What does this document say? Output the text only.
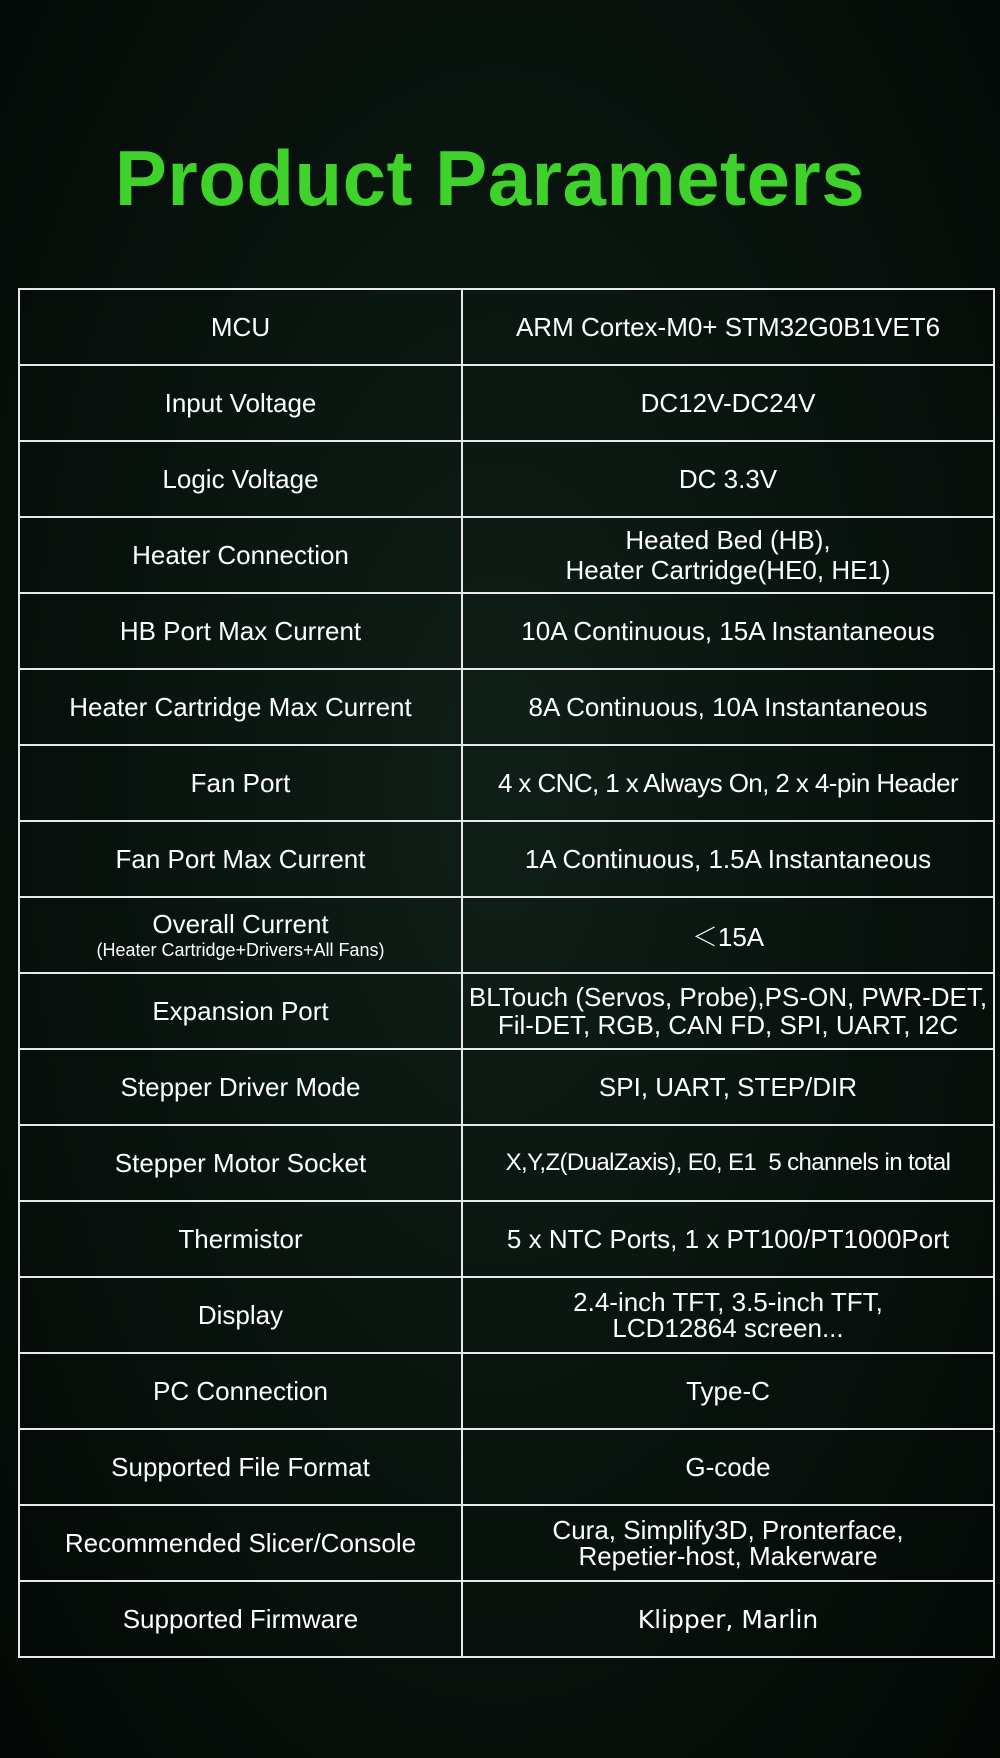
Product Parameters
MCU	ARM Cortex-M0+ STM32G0B1VET6
Input Voltage	DC12V-DC24V
Logic Voltage	DC 3.3V
Heater Connection	Heated Bed (HB),
Heater Cartridge(HE0, HE1)

HB Port Max Current	10A Continuous, 15A Instantaneous
Heater Cartridge Max Current	8A Continuous, 10A Instantaneous
Fan Port	4 x CNC, 1 x Always On, 2 x 4-pin Header
Fan Port Max Current	1A Continuous, 1.5A Instantaneous

Overall Current
(Heater Cartridge+Drivers+All Fans)	＜15A
Expansion Port	BLTouch (Servos, Probe),PS-ON, PWR-DET,
Fil-DET, RGB, CAN FD, SPI, UART, I2C

Stepper Driver Mode	SPI, UART, STEP/DIR
Stepper Motor Socket	X,Y,Z(DualZaxis), E0, E1  5 channels in total
Thermistor	5 x NTC Ports, 1 x PT100/PT1000Port
Display	2.4-inch TFT, 3.5-inch TFT,
LCD12864 screen...

PC Connection	Type-C
Supported File Format	G-code
Recommended Slicer/Console	Cura, Simplify3D, Pronterface,
Repetier-host, Makerware

Supported Firmware	Klipper, Marlin
